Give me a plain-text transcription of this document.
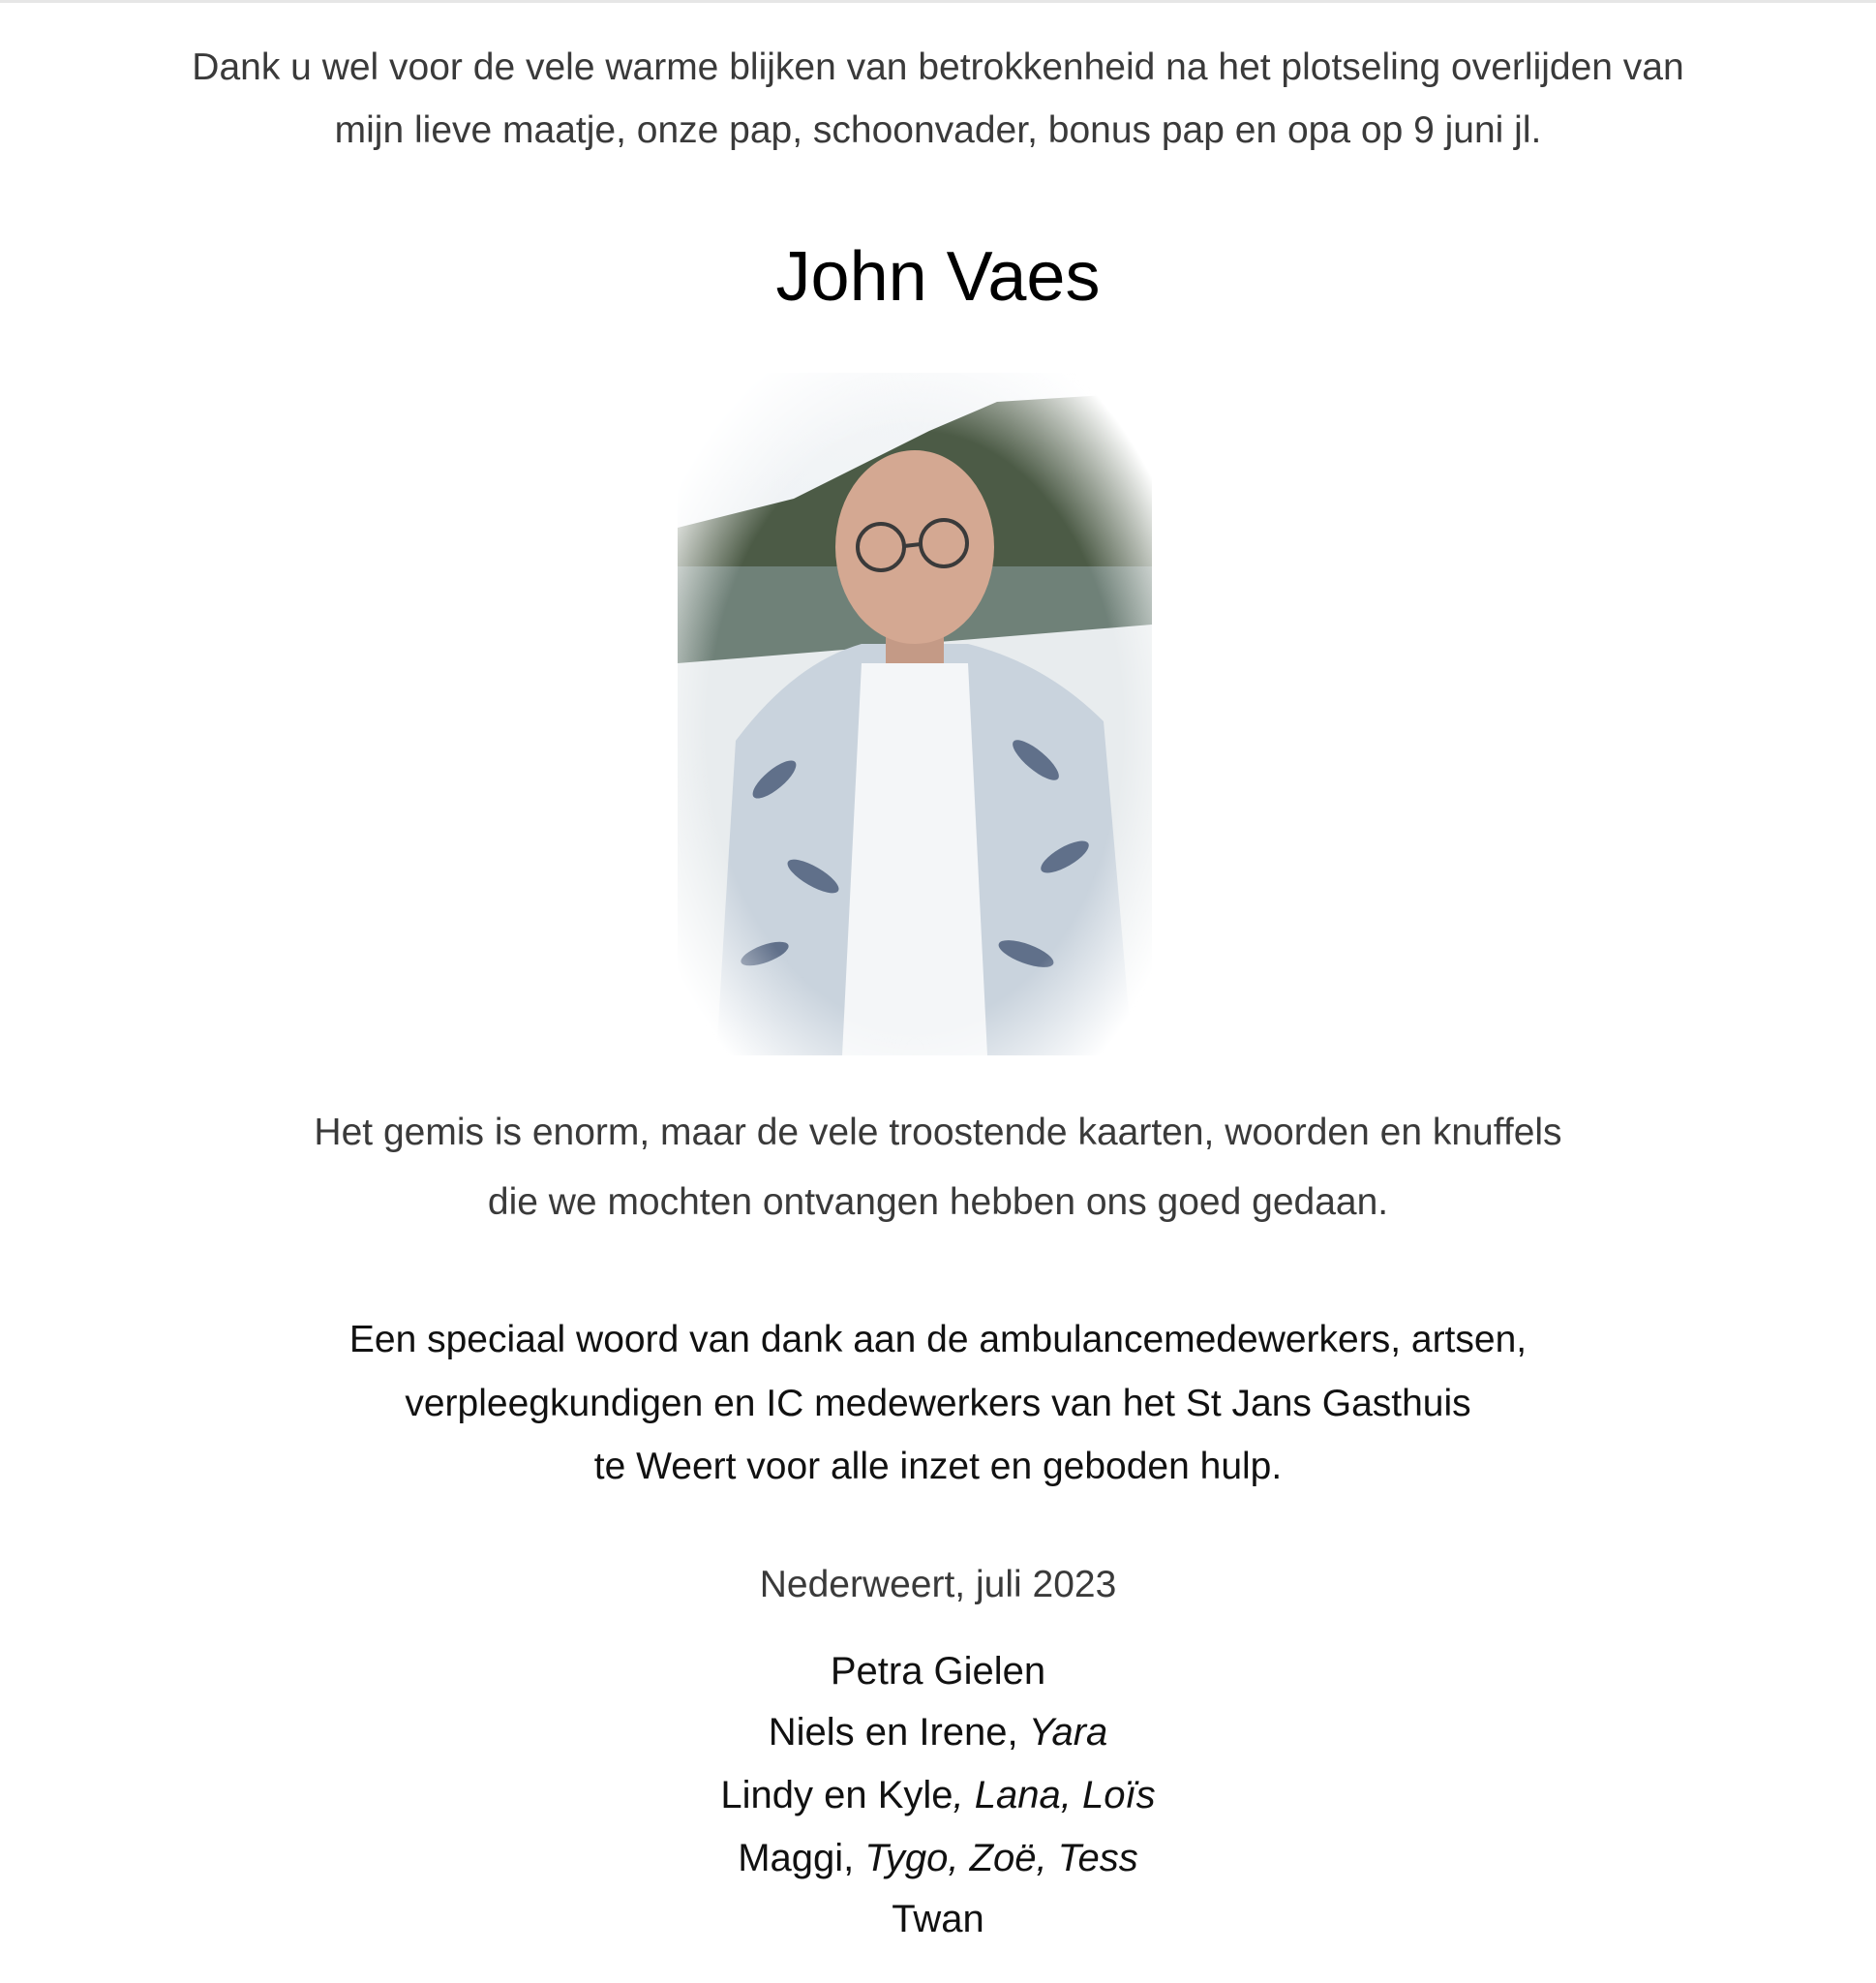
Dank u wel voor de vele warme blijken van betrokkenheid na het plotseling overlijden van
mijn lieve maatje, onze pap, schoonvader, bonus pap en opa op 9 juni jl.
John Vaes
Het gemis is enorm, maar de vele troostende kaarten, woorden en knuffels
die we mochten ontvangen hebben ons goed gedaan.
Een speciaal woord van dank aan de ambulancemedewerkers, artsen,
verpleegkundigen en IC medewerkers van het St Jans Gasthuis
te Weert voor alle inzet en geboden hulp.
Nederweert, juli 2023
Petra Gielen
Niels en Irene, Yara
Lindy en Kyle, Lana, Loïs
Maggi, Tygo, Zoë, Tess
Twan
